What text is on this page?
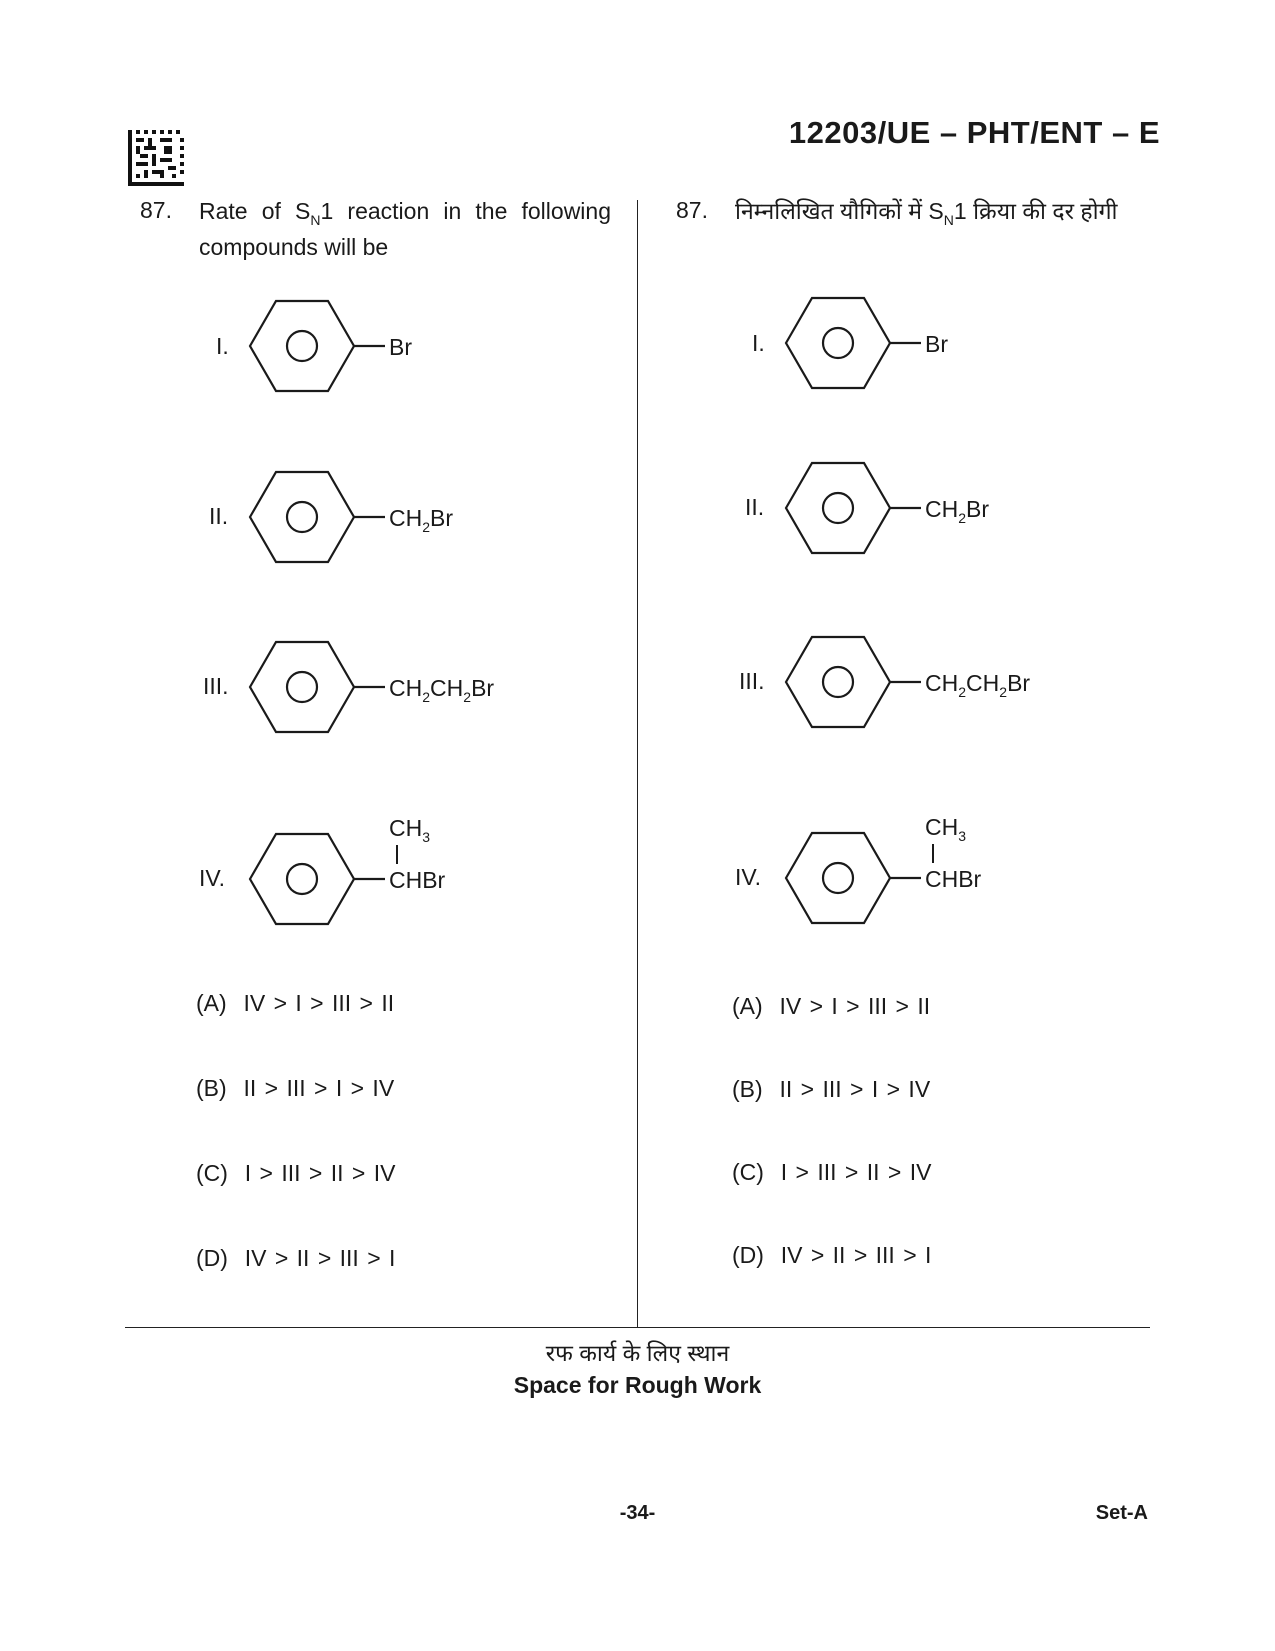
12203/UE – PHT/ENT – E
87. Rate of $S_N1$ reaction in the following compounds will be
I.	Br
II.	$CH_2Br$
III.	$CH_2CH_2Br$
IV.
$CH_3$
CHBr
(A) IV > I > III > II
(B) II > III > I > IV
(C) I > III > II > IV
(D) IV > II > III > I
87. निम्नलिखित यौगिकों में $S_N1$ क्रिया की दर होगी
I.	Br
II.	$CH_2Br$
III.	$CH_2CH_2Br$
IV.
$CH_3$
CHBr
(A) IV > I > III > II
(B) II > III > I > IV
(C) I > III > II > IV
(D) IV > II > III > I
रफ कार्य के लिए स्थान
Space for Rough Work
-34-	Set-A
